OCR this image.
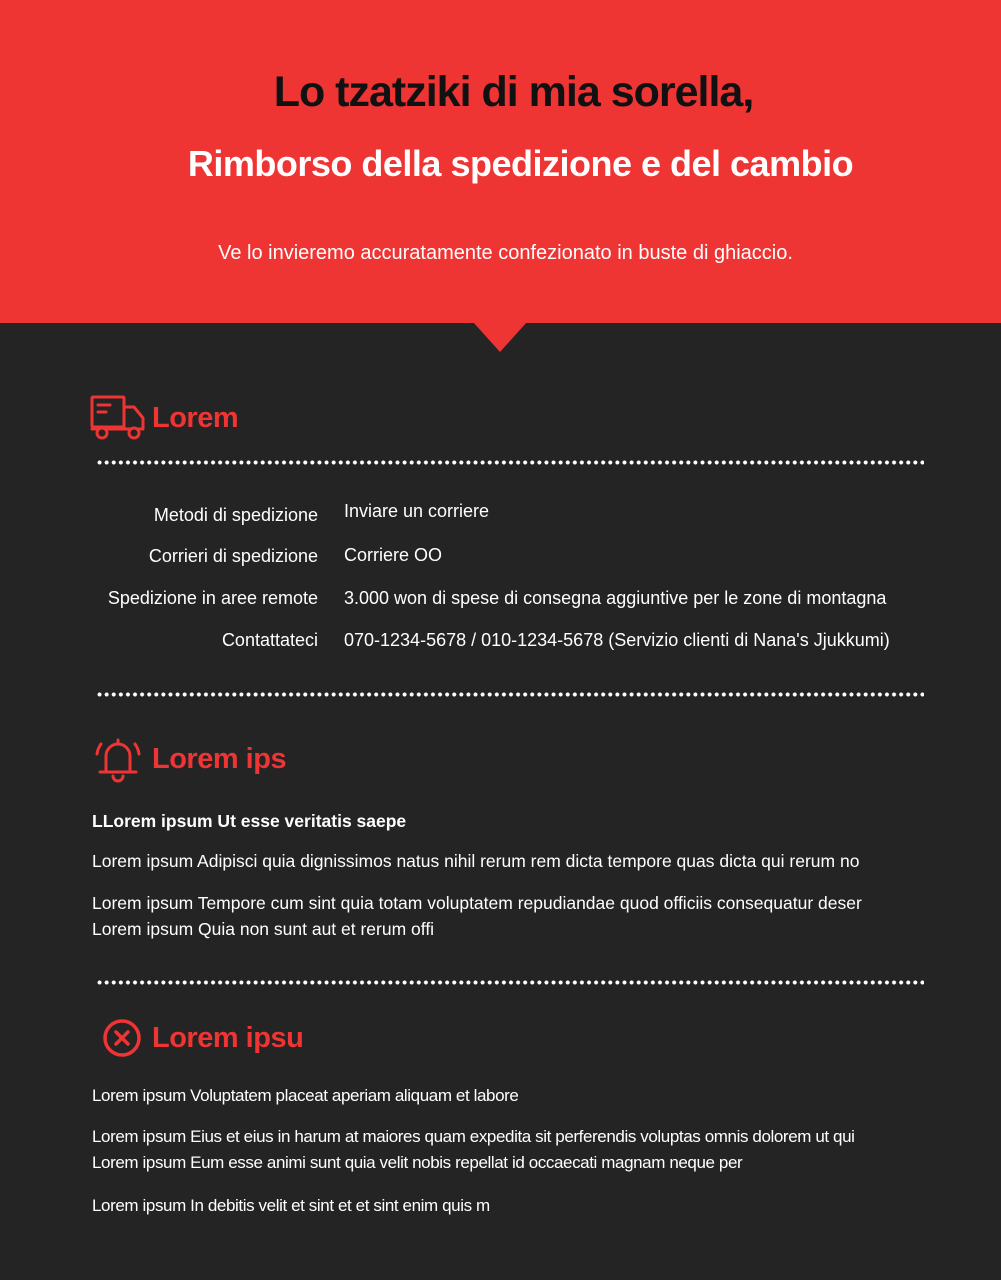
Lo tzatziki di mia sorella,
Rimborso della spedizione e del cambio
Ve lo invieremo accuratamente confezionato in buste di ghiaccio.
Lorem
Metodi di spedizione Inviare un corriere
Corrieri di spedizione Corriere OO
Spedizione in aree remote 3.000 won di spese di consegna aggiuntive per le zone di montagna
Contattateci 070-1234-5678 / 010-1234-5678 (Servizio clienti di Nana's Jjukkumi)
Lorem ips
LLorem ipsum Ut esse veritatis saepe
Lorem ipsum Adipisci quia dignissimos natus nihil rerum rem dicta tempore quas dicta qui rerum no
Lorem ipsum Tempore cum sint quia totam voluptatem repudiandae quod officiis consequatur deser Lorem ipsum Quia non sunt aut et rerum offi
Lorem ipsu
Lorem ipsum Voluptatem placeat aperiam aliquam et labore
Lorem ipsum Eius et eius in harum at maiores quam expedita sit perferendis voluptas omnis dolorem ut qui Lorem ipsum Eum esse animi sunt quia velit nobis repellat id occaecati magnam neque per
Lorem ipsum In debitis velit et sint et et sint enim quis m
